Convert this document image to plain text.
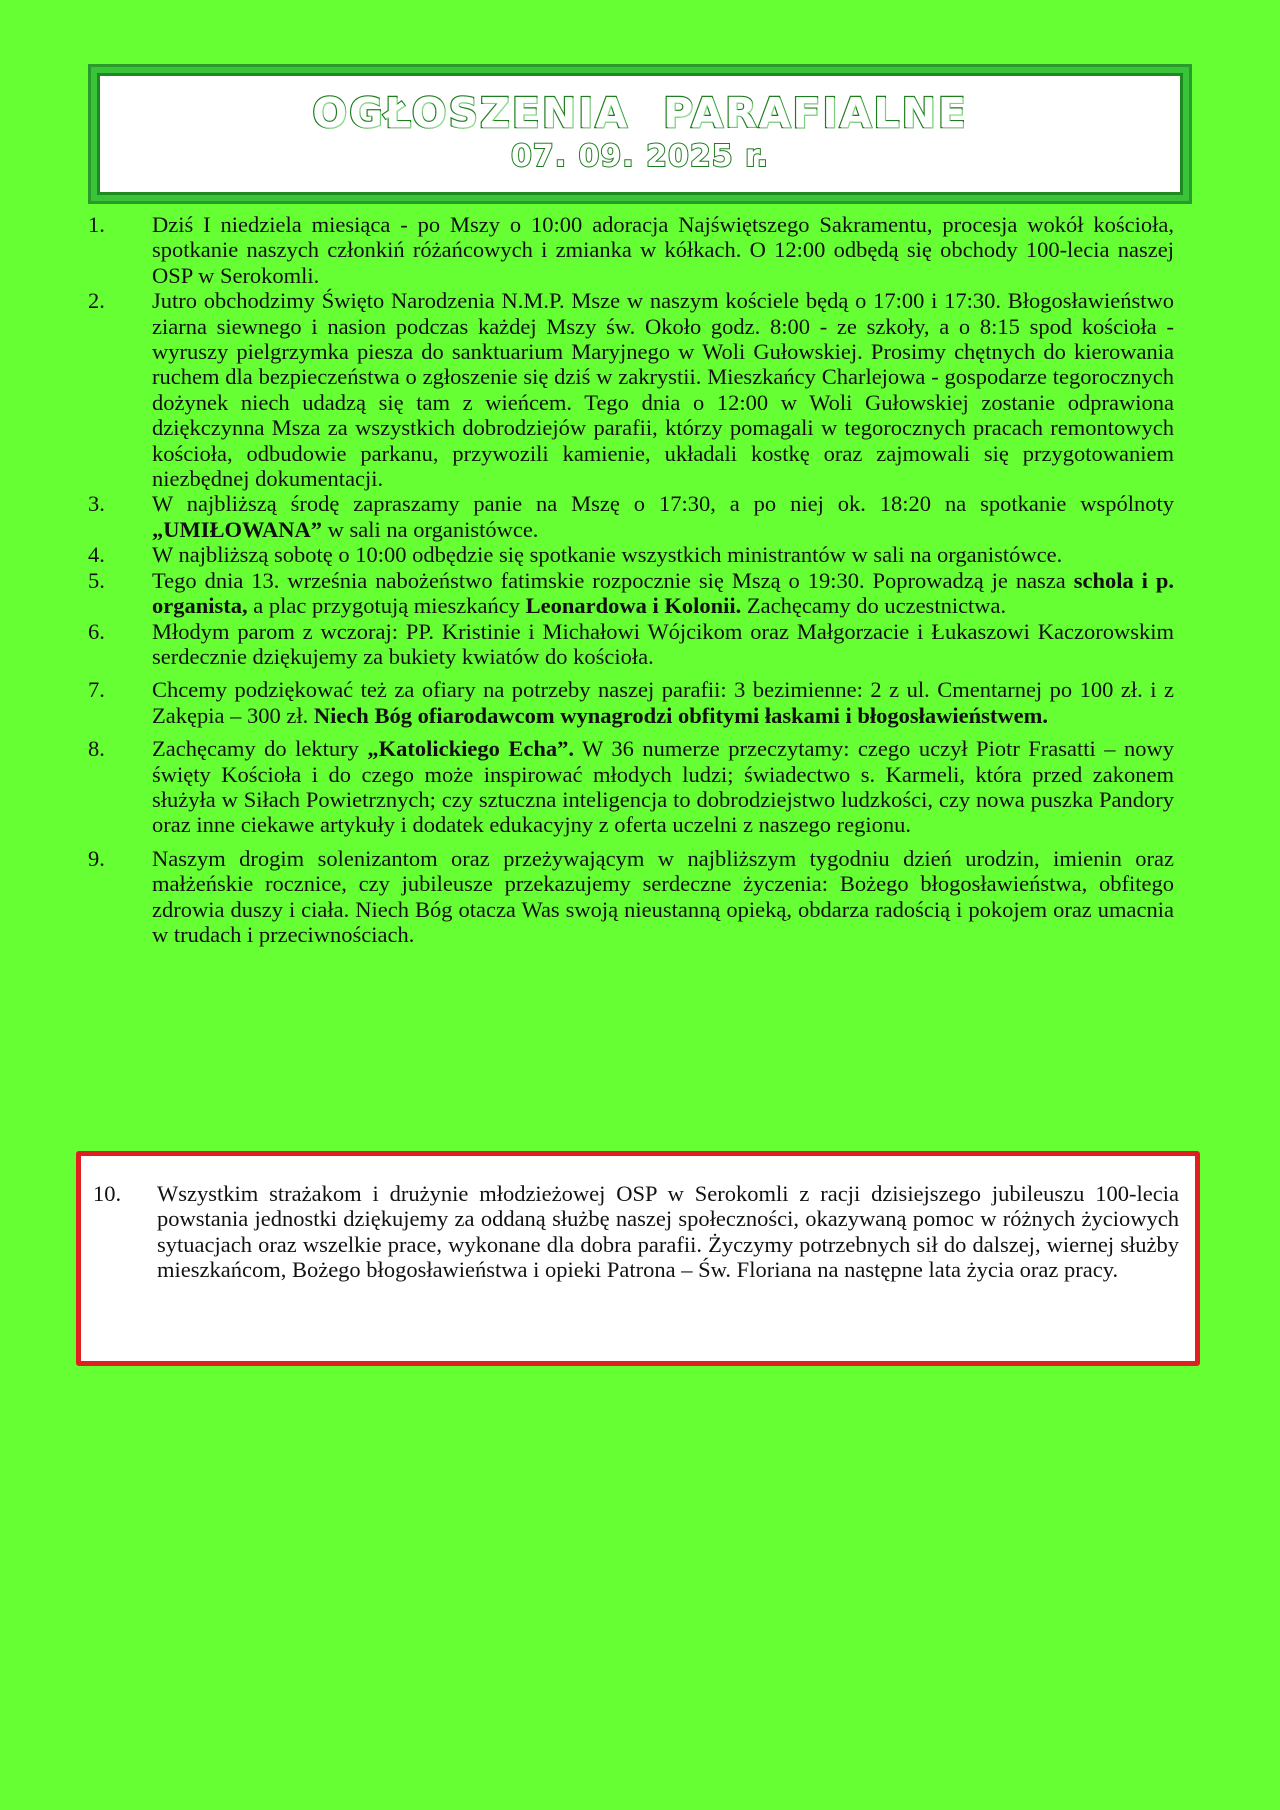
OGŁOSZENIA PARAFIALNE
07. 09. 2025 r.
1.	Dziś I niedziela miesiąca - po Mszy o 10:00 adoracja Najświętszego Sakramentu, procesja wokół kościoła, spotkanie naszych członkiń różańcowych i zmianka w kółkach. O 12:00 odbędą się obchody 100-lecia naszej OSP w Serokomli.
2.	Jutro obchodzimy Święto Narodzenia N.M.P. Msze w naszym kościele będą o 17:00 i 17:30. Błogosławieństwo ziarna siewnego i nasion podczas każdej Mszy św. Około godz. 8:00 - ze szkoły, a o 8:15 spod kościoła - wyruszy pielgrzymka piesza do sanktuarium Maryjnego w Woli Gułowskiej. Prosimy chętnych do kierowania ruchem dla bezpieczeństwa o zgłoszenie się dziś w zakrystii. Mieszkańcy Charlejowa - gospodarze tegorocznych dożynek niech udadzą się tam z wieńcem. Tego dnia o 12:00 w Woli Gułowskiej zostanie odprawiona dziękczynna Msza za wszystkich dobrodziejów parafii, którzy pomagali w tegorocznych pracach remontowych kościoła, odbudowie parkanu, przywozili kamienie, układali kostkę oraz zajmowali się przygotowaniem niezbędnej dokumentacji.
3.	W najbliższą środę zapraszamy panie na Mszę o 17:30, a po niej ok. 18:20 na spotkanie wspólnoty „UMIŁOWANA” w sali na organistówce.
4.	W najbliższą sobotę o 10:00 odbędzie się spotkanie wszystkich ministrantów w sali na organistówce.
5.	Tego dnia 13. września nabożeństwo fatimskie rozpocznie się Mszą o 19:30. Poprowadzą je nasza schola i p. organista, a plac przygotują mieszkańcy Leonardowa i Kolonii. Zachęcamy do uczestnictwa.
6.	Młodym parom z wczoraj: PP. Kristinie i Michałowi Wójcikom oraz Małgorzacie i Łukaszowi Kaczorowskim serdecznie dziękujemy za bukiety kwiatów do kościoła.
7.	Chcemy podziękować też za ofiary na potrzeby naszej parafii: 3 bezimienne: 2 z ul. Cmentarnej po 100 zł. i z Zakępia – 300 zł. Niech Bóg ofiarodawcom wynagrodzi obfitymi łaskami i błogosławieństwem.
8.	Zachęcamy do lektury „Katolickiego Echa”. W 36 numerze przeczytamy: czego uczył Piotr Frasatti – nowy święty Kościoła i do czego może inspirować młodych ludzi; świadectwo s. Karmeli, która przed zakonem służyła w Siłach Powietrznych; czy sztuczna inteligencja to dobrodziejstwo ludzkości, czy nowa puszka Pandory oraz inne ciekawe artykuły i dodatek edukacyjny z oferta uczelni z naszego regionu.
9.	Naszym drogim solenizantom oraz przeżywającym w najbliższym tygodniu dzień urodzin, imienin oraz małżeńskie rocznice, czy jubileusze przekazujemy serdeczne życzenia: Bożego błogosławieństwa, obfitego zdrowia duszy i ciała. Niech Bóg otacza Was swoją nieustanną opieką, obdarza radością i pokojem oraz umacnia w trudach i przeciwnościach.
10.	Wszystkim strażakom i drużynie młodzieżowej OSP w Serokomli z racji dzisiejszego jubileuszu 100-lecia powstania jednostki dziękujemy za oddaną służbę naszej społeczności, okazywaną pomoc w różnych życiowych sytuacjach oraz wszelkie prace, wykonane dla dobra parafii. Życzymy potrzebnych sił do dalszej, wiernej służby mieszkańcom, Bożego błogosławieństwa i opieki Patrona – Św. Floriana na następne lata życia oraz pracy.
